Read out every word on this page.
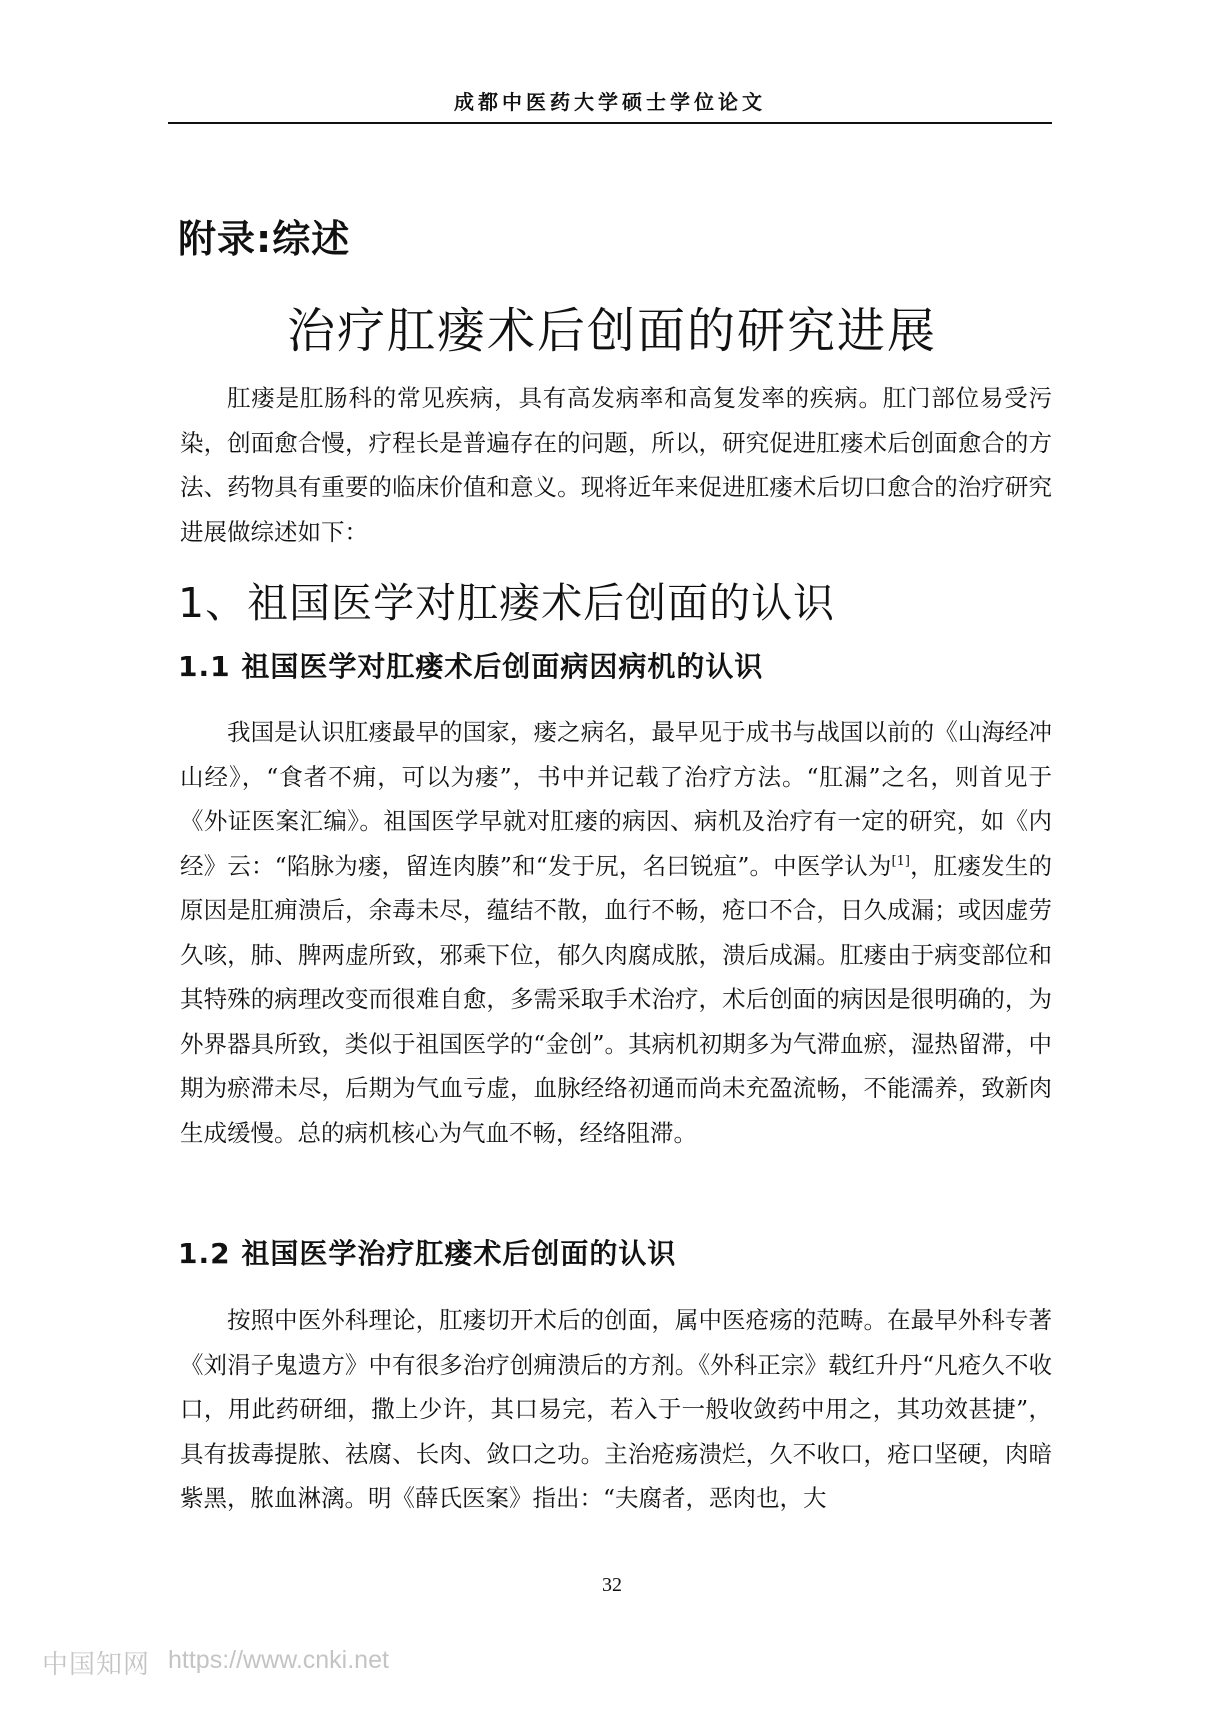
成都中医药大学硕士学位论文
附录:综述
治疗肛瘘术后创面的研究进展

肛瘘是肛肠科的常见疾病，具有高发病率和高复发率的疾病。肛门部位易受污染，创面愈合慢，疗程长是普遍存在的问题，所以，研究促进肛瘘术后创面愈合的方法、药物具有重要的临床价值和意义。现将近年来促进肛瘘术后切口愈合的治疗研究进展做综述如下：

1、祖国医学对肛瘘术后创面的认识
1.1 祖国医学对肛瘘术后创面病因病机的认识

我国是认识肛瘘最早的国家，瘘之病名，最早见于成书与战国以前的《山海经冲山经》，“食者不痈，可以为瘘”，书中并记载了治疗方法。“肛漏”之名，则首见于《外证医案汇编》。祖国医学早就对肛瘘的病因、病机及治疗有一定的研究，如《内经》云：“陷脉为瘘，留连肉腠”和“发于尻，名曰锐疽”。中医学认为[1]，肛瘘发生的原因是肛痈溃后，余毒未尽，蕴结不散，血行不畅，疮口不合，日久成漏；或因虚劳久咳，肺、脾两虚所致，邪乘下位，郁久肉腐成脓，溃后成漏。肛瘘由于病变部位和其特殊的病理改变而很难自愈，多需采取手术治疗，术后创面的病因是很明确的，为外界器具所致，类似于祖国医学的“金创”。其病机初期多为气滞血瘀，湿热留滞，中期为瘀滞未尽，后期为气血亏虚，血脉经络初通而尚未充盈流畅，不能濡养，致新肉生成缓慢。总的病机核心为气血不畅，经络阻滞。

1.2 祖国医学治疗肛瘘术后创面的认识

按照中医外科理论，肛瘘切开术后的创面，属中医疮疡的范畴。在最早外科专著《刘涓子鬼遗方》中有很多治疗创痈溃后的方剂。《外科正宗》载红升丹“凡疮久不收口，用此药研细，撒上少许，其口易完，若入于一般收敛药中用之，其功效甚捷”，具有拔毒提脓、祛腐、长肉、敛口之功。主治疮疡溃烂，久不收口，疮口坚硬，肉暗紫黑，脓血淋漓。明《薛氏医案》指出：“夫腐者，恶肉也，大

32
中国知网 https://www.cnki.net
